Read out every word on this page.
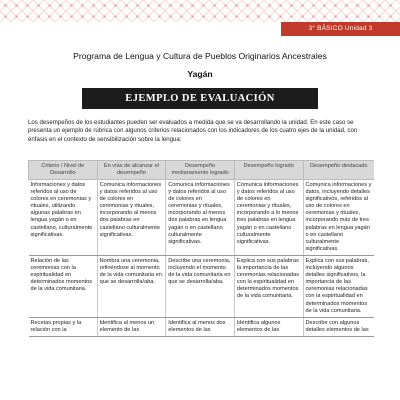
3° BÁSICO Unidad 3
Programa de Lengua y Cultura de Pueblos Originarios Ancestrales
Yagán
EJEMPLO DE EVALUACIÓN

Los desempeños de los estudiantes pueden ser evaluados a medida que se va desarrollando la unidad. En este caso se presenta un ejemplo de rúbrica con algunos criterios relacionados con los indicadores de los cuatro ejes de la unidad, con énfasis en el contexto de sensibilización sobre la lengua:

Criterio / Nivel de Desarrollo	En vías de alcanzar el desempeño	Desempeño medianamente logrado	Desempeño logrado	Desempeño destacado
Informaciones y datos referidos al uso de colores en ceremonias y rituales, utilizando algunas palabras en lengua yagán o en castellano, culturalmente significativas.	Comunica informaciones y datos referidos al uso de colores en ceremonias y rituales, incorporando al menos dos palabras en castellano culturalmente significativas.	Comunica informaciones y datos referidos al uso de colores en ceremonias y rituales, incorporando al menos dos palabras en lengua yagán o en castellano culturalmente significativas.	Comunica informaciones y datos referidos al uso de colores en ceremonias y rituales, incorporando a lo menos tres palabras en lengua yagán o en castellano culturalmente significativas.	Comunica informaciones y datos, incluyendo detalles significativos, referidos al uso de colores en ceremonias y rituales, incorporando más de tres palabras en lengua yagán o en castellano culturalmente significativas.
Relación de las ceremonias con la espiritualidad en determinados momentos de la vida comunitaria.	Nombra una ceremonia, refiriéndose al momento de la vida comunitaria en que se desarrolla/aba.	Describe una ceremonia, incluyendo el momento de la vida comunitaria en que se desarrolla/aba.	Explica con sus palabras la importancia de las ceremonias relacionadas con la espiritualidad en determinados momentos de la vida comunitaria.	Explica con sus palabras, incluyendo algunos detalles significativos, la importancia de las ceremonias relacionadas con la espiritualidad en determinados momentos de la vida comunitaria.
Recetas propias y la relación con la	Identifica al menos un elemento de las	Identifica al menos dos elementos de las	Identifica algunos elementos de las	Describe con algunos detalles elementos de las
